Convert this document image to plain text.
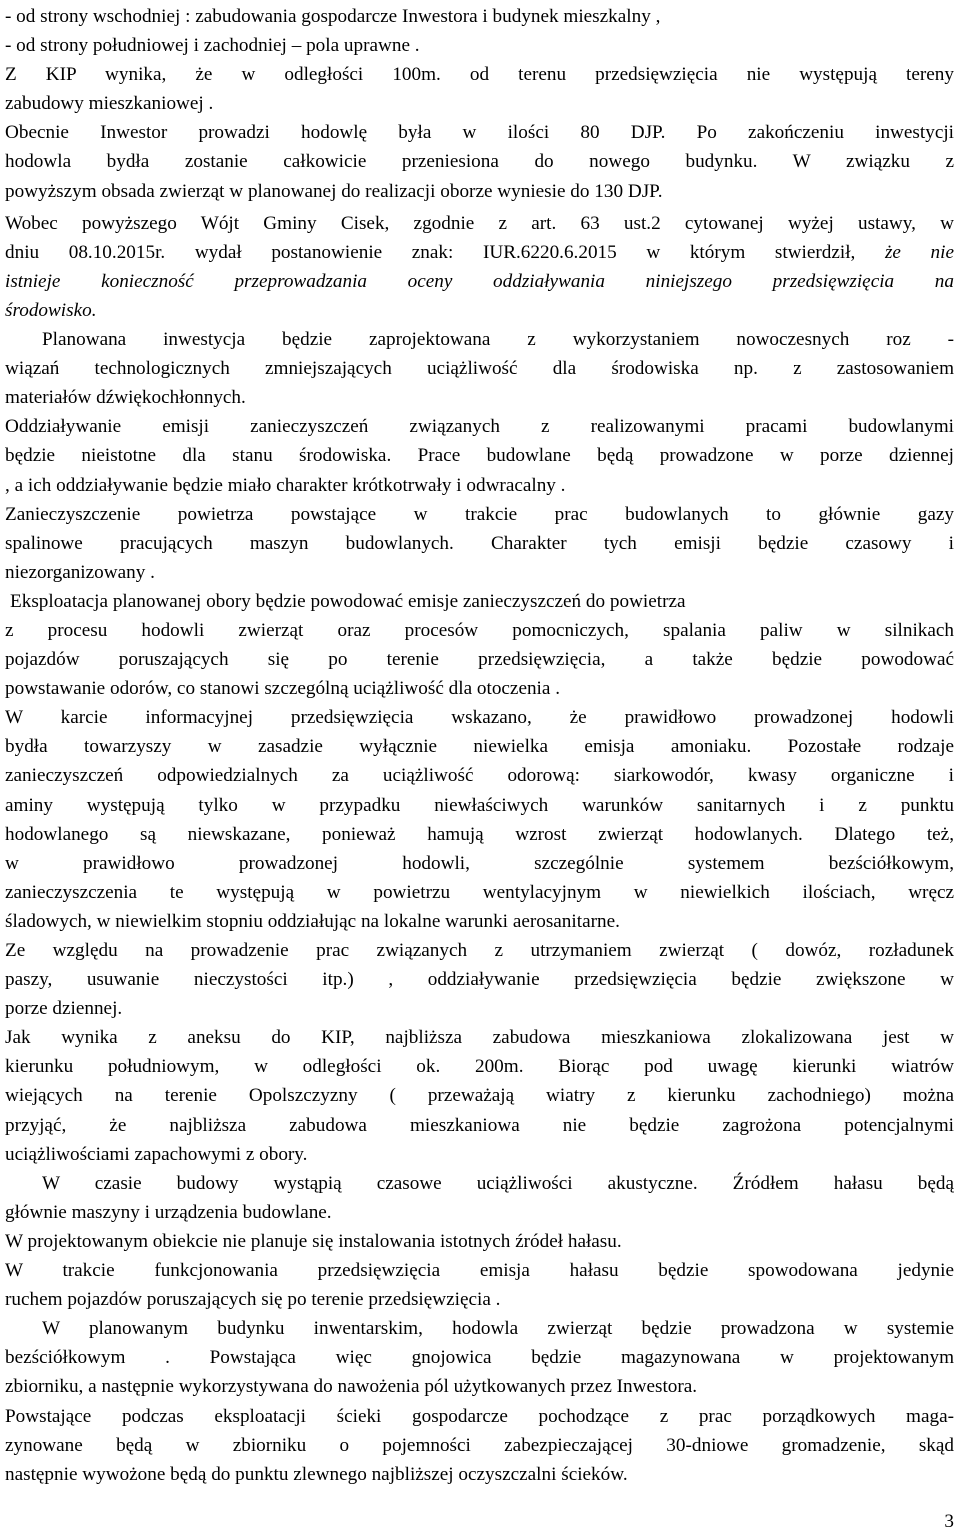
- od strony wschodniej : zabudowania gospodarcze Inwestora i budynek mieszkalny ,
- od strony południowej i zachodniej – pola uprawne .
Z KIP wynika, że w odległości 100m. od terenu przedsięwzięcia nie występują tereny
zabudowy mieszkaniowej .
Obecnie Inwestor prowadzi hodowlę była w ilości 80 DJP. Po zakończeniu inwestycji
hodowla bydła zostanie całkowicie przeniesiona do nowego budynku. W związku z
powyższym obsada zwierząt w planowanej do realizacji oborze wyniesie do 130 DJP.
Wobec powyższego Wójt Gminy Cisek, zgodnie z art. 63 ust.2 cytowanej wyżej ustawy, w
dniu 08.10.2015r. wydał postanowienie znak: IUR.6220.6.2015 w którym stwierdził, że nie
istnieje konieczność przeprowadzania oceny oddziaływania niniejszego przedsięwzięcia na
środowisko.
Planowana inwestycja będzie zaprojektowana z wykorzystaniem nowoczesnych roz -
wiązań technologicznych zmniejszających uciążliwość dla środowiska np. z zastosowaniem
materiałów dźwiękochłonnych.
Oddziaływanie emisji zanieczyszczeń związanych z realizowanymi pracami budowlanymi
będzie nieistotne dla stanu środowiska. Prace budowlane będą prowadzone w porze dziennej
, a ich oddziaływanie będzie miało charakter krótkotrwały i odwracalny .
Zanieczyszczenie powietrza powstające w trakcie prac budowlanych to głównie gazy
spalinowe pracujących maszyn budowlanych. Charakter tych emisji będzie czasowy i
niezorganizowany .
Eksploatacja planowanej obory będzie powodować emisje zanieczyszczeń do powietrza
z procesu hodowli zwierząt oraz procesów pomocniczych, spalania paliw w silnikach
pojazdów poruszających się po terenie przedsięwzięcia, a także będzie powodować
powstawanie odorów, co stanowi szczególną uciążliwość dla otoczenia .
W karcie informacyjnej przedsięwzięcia wskazano, że prawidłowo prowadzonej hodowli
bydła towarzyszy w zasadzie wyłącznie niewielka emisja amoniaku. Pozostałe rodzaje
zanieczyszczeń odpowiedzialnych za uciążliwość odorową: siarkowodór, kwasy organiczne i
aminy występują tylko w przypadku niewłaściwych warunków sanitarnych i z punktu
hodowlanego są niewskazane, ponieważ hamują wzrost zwierząt hodowlanych. Dlatego też,
w prawidłowo prowadzonej hodowli, szczególnie systemem bezściółkowym,
zanieczyszczenia te występują w powietrzu wentylacyjnym w niewielkich ilościach, wręcz
śladowych, w niewielkim stopniu oddziałując na lokalne warunki aerosanitarne.
Ze względu na prowadzenie prac związanych z utrzymaniem zwierząt ( dowóz, rozładunek
paszy, usuwanie nieczystości itp.) , oddziaływanie przedsięwzięcia będzie zwiększone w
porze dziennej.
Jak wynika z aneksu do KIP, najbliższa zabudowa mieszkaniowa zlokalizowana jest w
kierunku południowym, w odległości ok. 200m. Biorąc pod uwagę kierunki wiatrów
wiejących na terenie Opolszczyzny ( przeważają wiatry z kierunku zachodniego) można
przyjąć, że najbliższa zabudowa mieszkaniowa nie będzie zagrożona potencjalnymi
uciążliwościami zapachowymi z obory.
W czasie budowy wystąpią czasowe uciążliwości akustyczne. Źródłem hałasu będą
głównie maszyny i urządzenia budowlane.
W projektowanym obiekcie nie planuje się instalowania istotnych źródeł hałasu.
W trakcie funkcjonowania przedsięwzięcia emisja hałasu będzie spowodowana jedynie
ruchem pojazdów poruszających się po terenie przedsięwzięcia .
W planowanym budynku inwentarskim, hodowla zwierząt będzie prowadzona w systemie
bezściółkowym . Powstająca więc gnojowica będzie magazynowana w projektowanym
zbiorniku, a następnie wykorzystywana do nawożenia pól użytkowanych przez Inwestora.
Powstające podczas eksploatacji ścieki gospodarcze pochodzące z prac porządkowych maga-
zynowane będą w zbiorniku o pojemności zabezpieczającej 30-dniowe gromadzenie, skąd
następnie wywożone będą do punktu zlewnego najbliższej oczyszczalni ścieków.
3
